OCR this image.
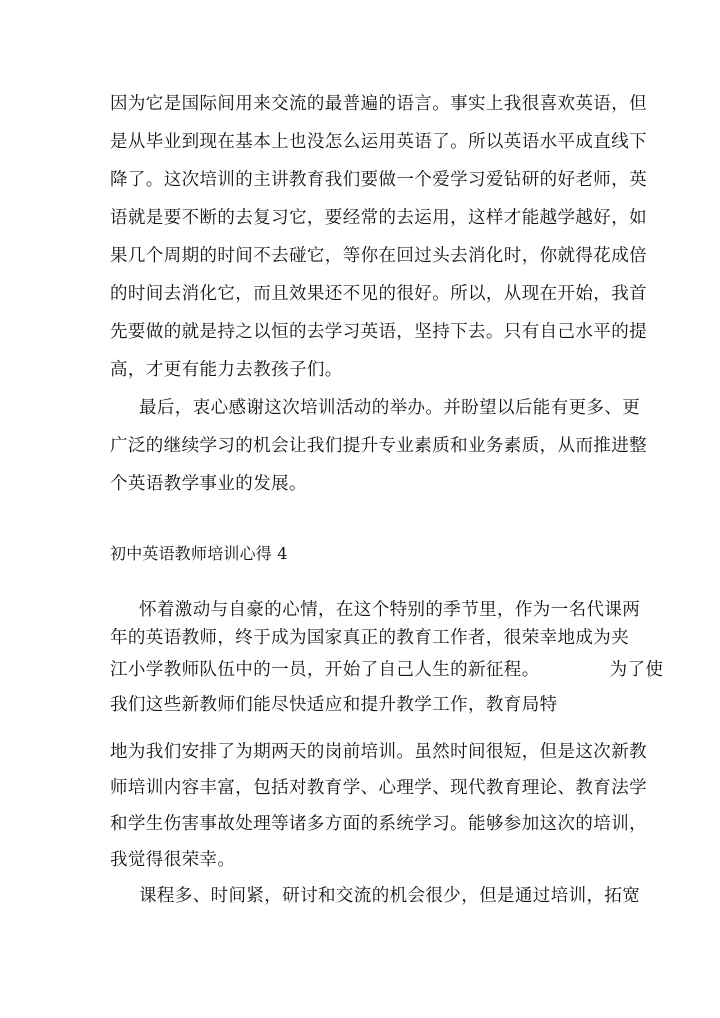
因为它是国际间用来交流的最普遍的语言。事实上我很喜欢英语，但

是从毕业到现在基本上也没怎么运用英语了。所以英语水平成直线下

降了。这次培训的主讲教育我们要做一个爱学习爱钻研的好老师，英

语就是要不断的去复习它，要经常的去运用，这样才能越学越好，如

果几个周期的时间不去碰它，等你在回过头去消化时，你就得花成倍

的时间去消化它，而且效果还不见的很好。所以，从现在开始，我首

先要做的就是持之以恒的去学习英语，坚持下去。只有自己水平的提

高，才更有能力去教孩子们。

最后，衷心感谢这次培训活动的举办。并盼望以后能有更多、更

广泛的继续学习的机会让我们提升专业素质和业务素质，从而推进整

个英语教学事业的发展。

初中英语教师培训心得 4

怀着激动与自豪的心情，在这个特别的季节里，作为一名代课两

年的英语教师，终于成为国家真正的教育工作者，很荣幸地成为夹

江小学教师队伍中的一员，开始了自己人生的新征程。	为了使

我们这些新教师们能尽快适应和提升教学工作，教育局特

地为我们安排了为期两天的岗前培训。虽然时间很短，但是这次新教

师培训内容丰富，包括对教育学、心理学、现代教育理论、教育法学

和学生伤害事故处理等诸多方面的系统学习。能够参加这次的培训，

我觉得很荣幸。

课程多、时间紧，研讨和交流的机会很少，但是通过培训，拓宽
